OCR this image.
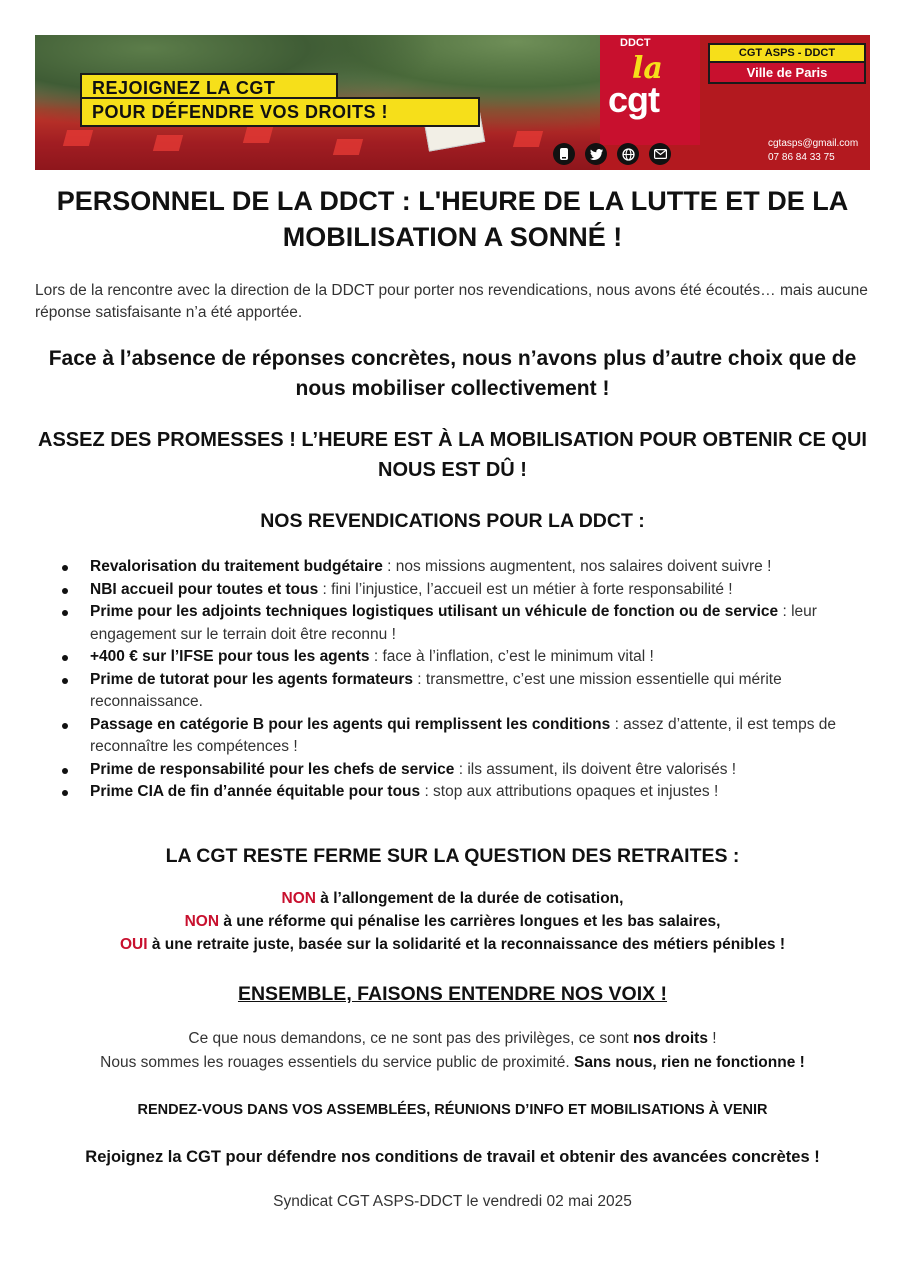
REJOIGNEZ LA CGT
POUR DÉFENDRE VOS DROITS !
DDCT
la
cgt
CGT ASPS - DDCT
Ville de Paris
cgtasps@gmail.com
07 86 84 33 75
PERSONNEL DE LA DDCT : L'HEURE DE LA LUTTE ET DE LA MOBILISATION A SONNÉ !

Lors de la rencontre avec la direction de la DDCT pour porter nos revendications, nous avons été écoutés… mais aucune réponse satisfaisante n’a été apportée.

Face à l’absence de réponses concrètes, nous n’avons plus d’autre choix que de nous mobiliser collectivement !

ASSEZ DES PROMESSES ! L’HEURE EST À LA MOBILISATION POUR OBTENIR CE QUI NOUS EST DÛ !

NOS REVENDICATIONS POUR LA DDCT :

Revalorisation du traitement budgétaire : nos missions augmentent, nos salaires doivent suivre !
NBI accueil pour toutes et tous : fini l’injustice, l’accueil est un métier à forte responsabilité !
Prime pour les adjoints techniques logistiques utilisant un véhicule de fonction ou de service : leur engagement sur le terrain doit être reconnu !
+400 € sur l’IFSE pour tous les agents : face à l’inflation, c’est le minimum vital !
Prime de tutorat pour les agents formateurs : transmettre, c’est une mission essentielle qui mérite reconnaissance.
Passage en catégorie B pour les agents qui remplissent les conditions : assez d’attente, il est temps de reconnaître les compétences !
Prime de responsabilité pour les chefs de service : ils assument, ils doivent être valorisés !
Prime CIA de fin d’année équitable pour tous : stop aux attributions opaques et injustes !

LA CGT RESTE FERME SUR LA QUESTION DES RETRAITES :

NON à l’allongement de la durée de cotisation,
NON à une réforme qui pénalise les carrières longues et les bas salaires,
OUI à une retraite juste, basée sur la solidarité et la reconnaissance des métiers pénibles !

ENSEMBLE, FAISONS ENTENDRE NOS VOIX !

Ce que nous demandons, ce ne sont pas des privilèges, ce sont nos droits !
Nous sommes les rouages essentiels du service public de proximité. Sans nous, rien ne fonctionne !

RENDEZ-VOUS DANS VOS ASSEMBLÉES, RÉUNIONS D’INFO ET MOBILISATIONS À VENIR

Rejoignez la CGT pour défendre nos conditions de travail et obtenir des avancées concrètes !

Syndicat CGT ASPS-DDCT le vendredi 02 mai 2025
